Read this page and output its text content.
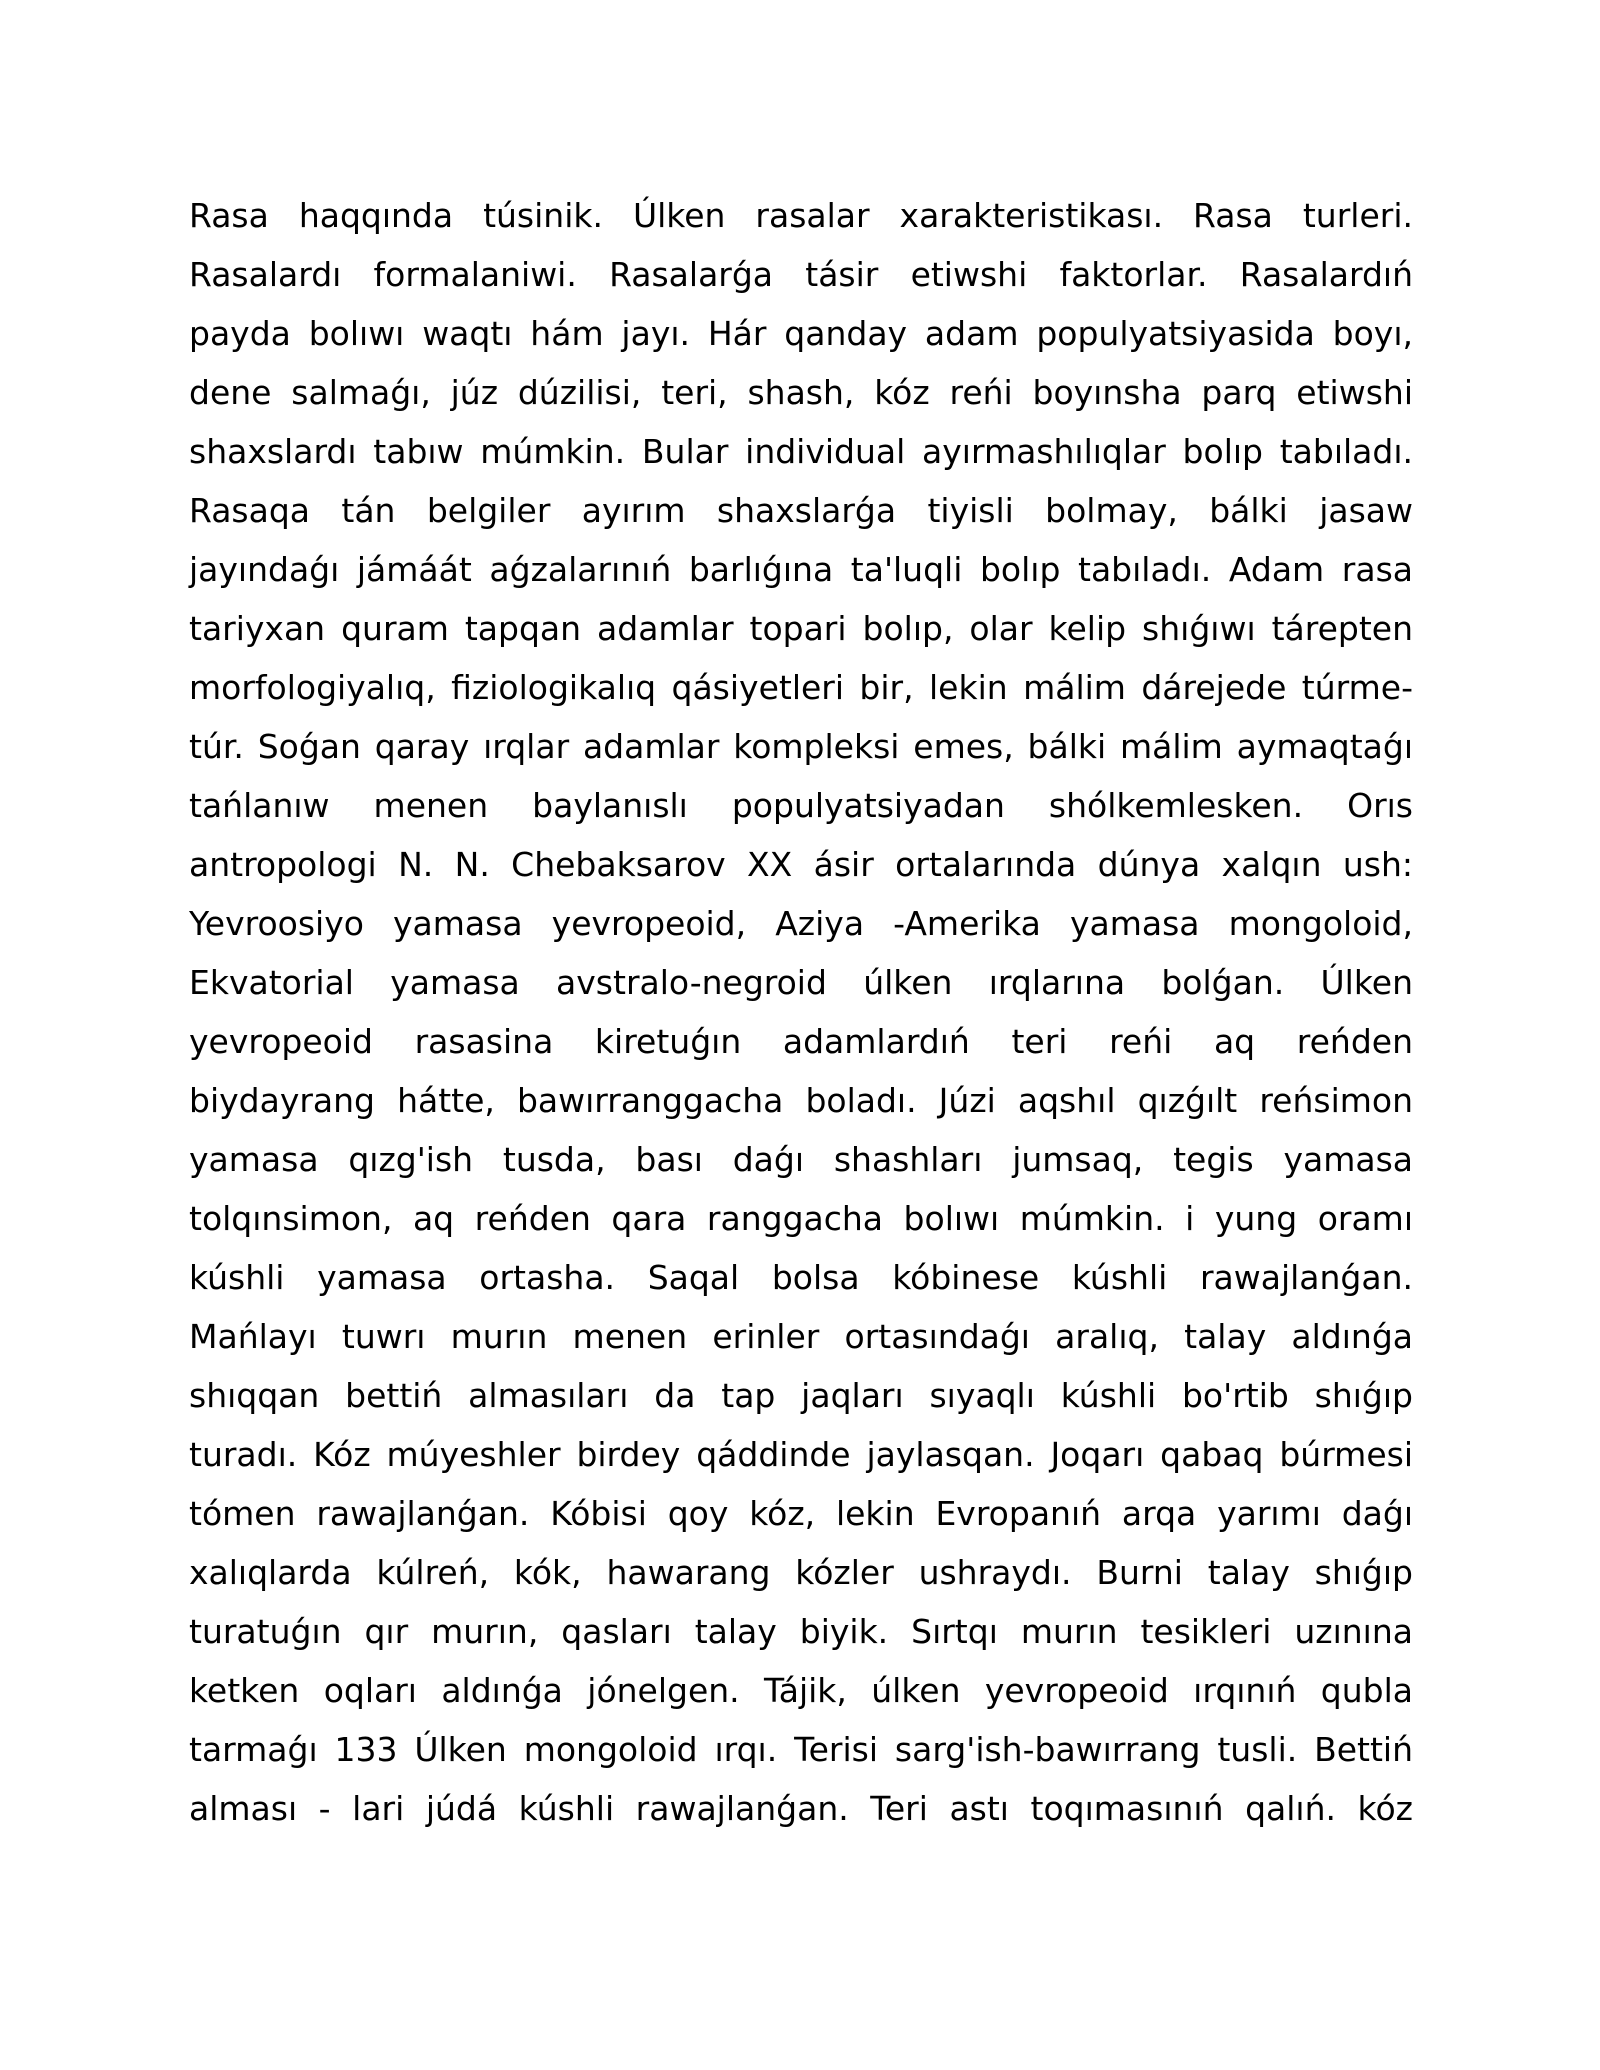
Rasa haqqında túsinik. Úlken rasalar xarakteristikası. Rasa turleri.
Rasalardı formalaniwi. Rasalarǵa tásir etiwshi faktorlar. Rasalardıń
payda bolıwı waqtı hám jayı. Hár qanday adam populyatsiyasida boyı,
dene salmaǵı, júz dúzilisi, teri, shash, kóz reńi boyınsha parq etiwshi
shaxslardı tabıw múmkin. Bular individual ayırmashılıqlar bolıp tabıladı.
Rasaqa tán belgiler ayırım shaxslarǵa tiyisli bolmay, bálki jasaw
jayındaǵı jámáát aǵzalarınıń barlıǵına ta'luqli bolıp tabıladı. Adam rasa
tariyxan quram tapqan adamlar topari bolıp, olar kelip shıǵıwı tárepten
morfologiyalıq, fiziologikalıq qásiyetleri bir, lekin málim dárejede túrme-
túr. Soǵan qaray ırqlar adamlar kompleksi emes, bálki málim aymaqtaǵı
tańlanıw menen baylanıslı populyatsiyadan shólkemlesken. Orıs
antropologi N. N. Chebaksarov XX ásir ortalarında dúnya xalqın ush:
Yevroosiyo yamasa yevropeoid, Aziya -Amerika yamasa mongoloid,
Ekvatorial yamasa avstralo-negroid úlken ırqlarına bolǵan. Úlken
yevropeoid rasasina kiretuǵın adamlardıń teri reńi aq reńden
biydayrang hátte, bawırranggacha boladı. Júzi aqshıl qızǵılt reńsimon
yamasa qızg'ish tusda, bası daǵı shashları jumsaq, tegis yamasa
tolqınsimon, aq reńden qara ranggacha bolıwı múmkin. i yung oramı
kúshli yamasa ortasha. Saqal bolsa kóbinese kúshli rawajlanǵan.
Mańlayı tuwrı murın menen erinler ortasındaǵı aralıq, talay aldınǵa
shıqqan bettiń almasıları da tap jaqları sıyaqlı kúshli bo'rtib shıǵıp
turadı. Kóz múyeshler birdey qáddinde jaylasqan. Joqarı qabaq búrmesi
tómen rawajlanǵan. Kóbisi qoy kóz, lekin Evropanıń arqa yarımı daǵı
xalıqlarda kúlreń, kók, hawarang kózler ushraydı. Burni talay shıǵıp
turatuǵın qır murın, qasları talay biyik. Sırtqı murın tesikleri uzınına
ketken oqları aldınǵa jónelgen. Tájik, úlken yevropeoid ırqınıń qubla
tarmaǵı 133 Úlken mongoloid ırqı. Terisi sarg'ish-bawırrang tusli. Bettiń
alması - lari júdá kúshli rawajlanǵan. Teri astı toqımasınıń qalıń. kóz
